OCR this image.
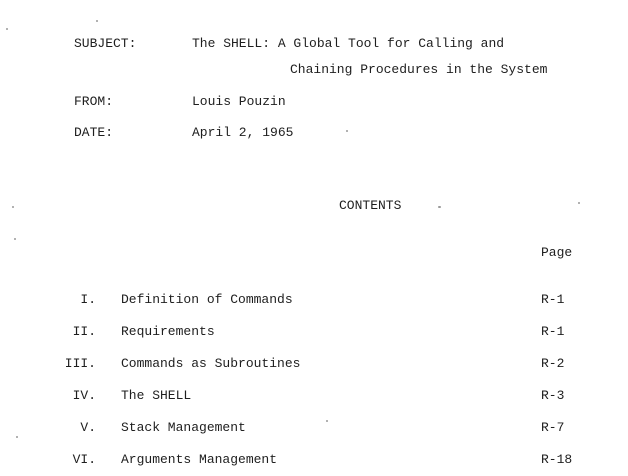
SUBJECT:	The SHELL: A Global Tool for Calling and
Chaining Procedures in the System
FROM:	Louis Pouzin
DATE:	April 2, 1965
CONTENTS
Page
I. Definition of Commands	R-1
II. Requirements	R-1
III. Commands as Subroutines	R-2
IV. The SHELL	R-3
V. Stack Management	R-7
VI. Arguments Management	R-18
